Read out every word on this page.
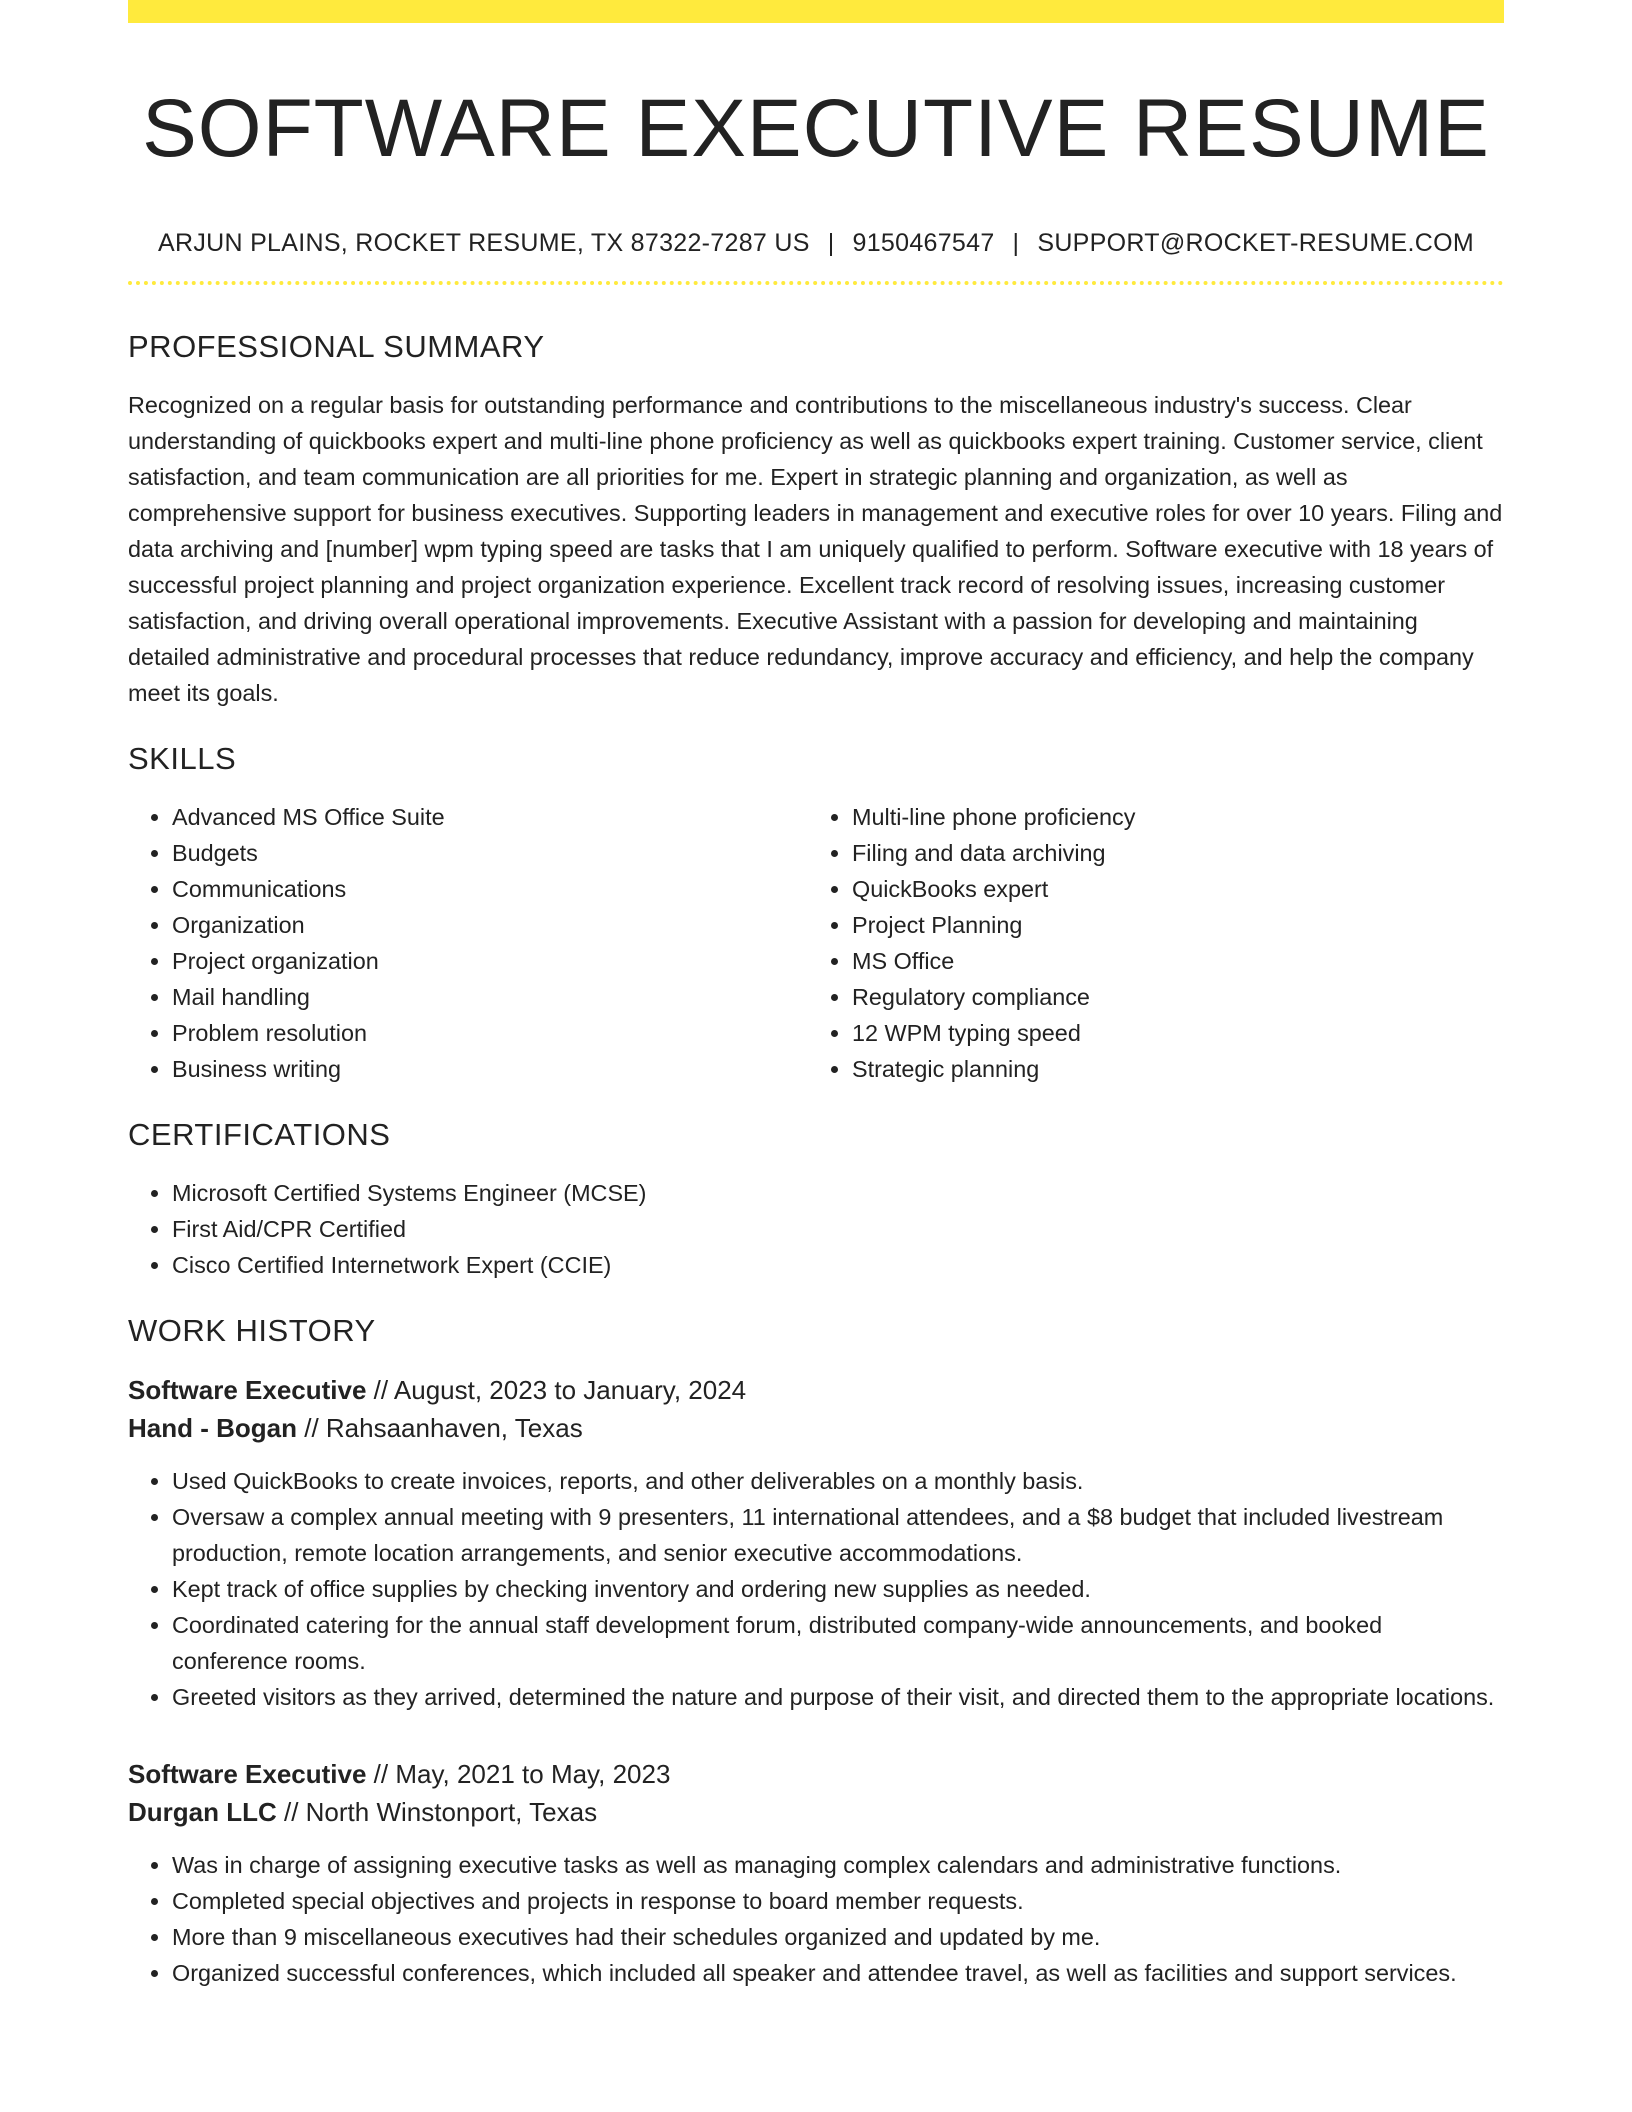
SOFTWARE EXECUTIVE RESUME
ARJUN PLAINS, ROCKET RESUME, TX 87322-7287 US | 9150467547 | SUPPORT@ROCKET-RESUME.COM
PROFESSIONAL SUMMARY
Recognized on a regular basis for outstanding performance and contributions to the miscellaneous industry's success. Clear understanding of quickbooks expert and multi-line phone proficiency as well as quickbooks expert training. Customer service, client satisfaction, and team communication are all priorities for me. Expert in strategic planning and organization, as well as comprehensive support for business executives. Supporting leaders in management and executive roles for over 10 years. Filing and data archiving and [number] wpm typing speed are tasks that I am uniquely qualified to perform. Software executive with 18 years of successful project planning and project organization experience. Excellent track record of resolving issues, increasing customer satisfaction, and driving overall operational improvements. Executive Assistant with a passion for developing and maintaining detailed administrative and procedural processes that reduce redundancy, improve accuracy and efficiency, and help the company meet its goals.
SKILLS
• Advanced MS Office Suite
• Budgets
• Communications
• Organization
• Project organization
• Mail handling
• Problem resolution
• Business writing
• Multi-line phone proficiency
• Filing and data archiving
• QuickBooks expert
• Project Planning
• MS Office
• Regulatory compliance
• 12 WPM typing speed
• Strategic planning
CERTIFICATIONS
• Microsoft Certified Systems Engineer (MCSE)
• First Aid/CPR Certified
• Cisco Certified Internetwork Expert (CCIE)
WORK HISTORY
Software Executive // August, 2023 to January, 2024
Hand - Bogan // Rahsaanhaven, Texas
• Used QuickBooks to create invoices, reports, and other deliverables on a monthly basis.
• Oversaw a complex annual meeting with 9 presenters, 11 international attendees, and a $8 budget that included livestream production, remote location arrangements, and senior executive accommodations.
• Kept track of office supplies by checking inventory and ordering new supplies as needed.
• Coordinated catering for the annual staff development forum, distributed company-wide announcements, and booked conference rooms.
• Greeted visitors as they arrived, determined the nature and purpose of their visit, and directed them to the appropriate locations.
Software Executive // May, 2021 to May, 2023
Durgan LLC // North Winstonport, Texas
• Was in charge of assigning executive tasks as well as managing complex calendars and administrative functions.
• Completed special objectives and projects in response to board member requests.
• More than 9 miscellaneous executives had their schedules organized and updated by me.
• Organized successful conferences, which included all speaker and attendee travel, as well as facilities and support services.
